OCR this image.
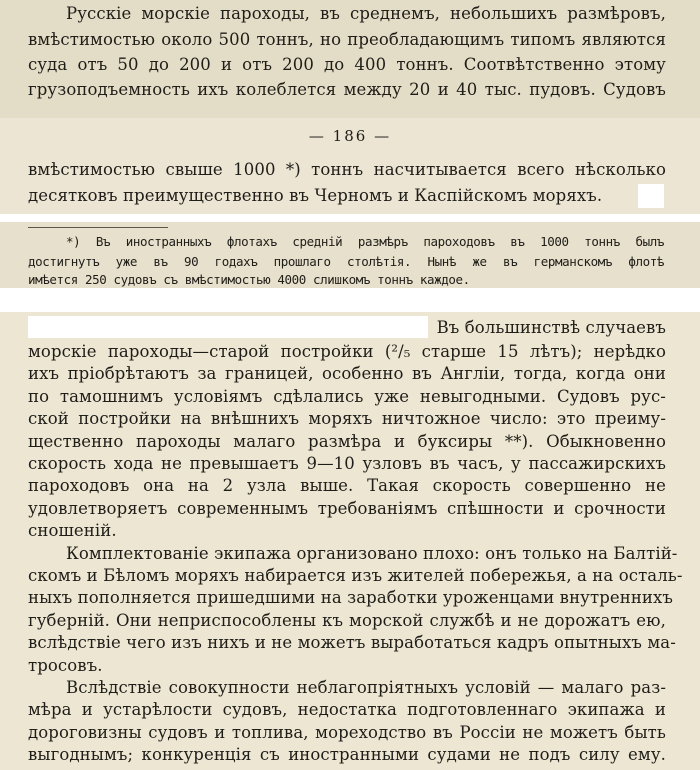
Русскіе морскіе пароходы, въ среднемъ, небольшихъ размѣровъ,
вмѣстимостью около 500 тоннъ, но преобладающимъ типомъ являются
суда отъ 50 до 200 и отъ 200 до 400 тоннъ. Соотвѣтственно этому
грузоподъемность ихъ колеблется между 20 и 40 тыс. пудовъ. Судовъ
— 186 —
вмѣстимостью свыше 1000 *) тоннъ насчитывается всего нѣсколько
десятковъ преимущественно въ Черномъ и Каспійскомъ моряхъ.
*) Въ иностранныхъ флотахъ средній размѣръ пароходовъ въ 1000 тоннъ былъ
достигнутъ уже въ 90 годахъ прошлаго столѣтія. Нынѣ же въ германскомъ флотѣ
имѣется 250 судовъ съ вмѣстимостью 4000 слишкомъ тоннъ каждое.
Въ большинствѣ случаевъ
морскіе пароходы—старой постройки (²/₅ старше 15 лѣтъ); нерѣдко
ихъ пріобрѣтаютъ за границей, особенно въ Англіи, тогда, когда они
по тамошнимъ условіямъ сдѣлались уже невыгодными. Судовъ рус-
ской постройки на внѣшнихъ моряхъ ничтожное число: это преиму-
щественно пароходы малаго размѣра и буксиры **). Обыкновенно
скорость хода не превышаетъ 9—10 узловъ въ часъ, у пассажирскихъ
пароходовъ она на 2 узла выше. Такая скорость совершенно не
удовлетворяетъ современнымъ требованіямъ спѣшности и срочности
сношеній.
Комплектованіе экипажа организовано плохо: онъ только на Балтій-
скомъ и Бѣломъ моряхъ набирается изъ жителей побережья, а на осталь-
ныхъ пополняется пришедшими на заработки уроженцами внутреннихъ
губерній. Они неприспособлены къ морской службѣ и не дорожатъ ею,
вслѣдствіе чего изъ нихъ и не можетъ выработаться кадръ опытныхъ ма-
тросовъ.
Вслѣдствіе совокупности неблагопріятныхъ условій — малаго раз-
мѣра и устарѣлости судовъ, недостатка подготовленнаго экипажа и
дороговизны судовъ и топлива, мореходство въ Россіи не можетъ быть
выгоднымъ; конкуренція съ иностранными судами не подъ силу ему.
